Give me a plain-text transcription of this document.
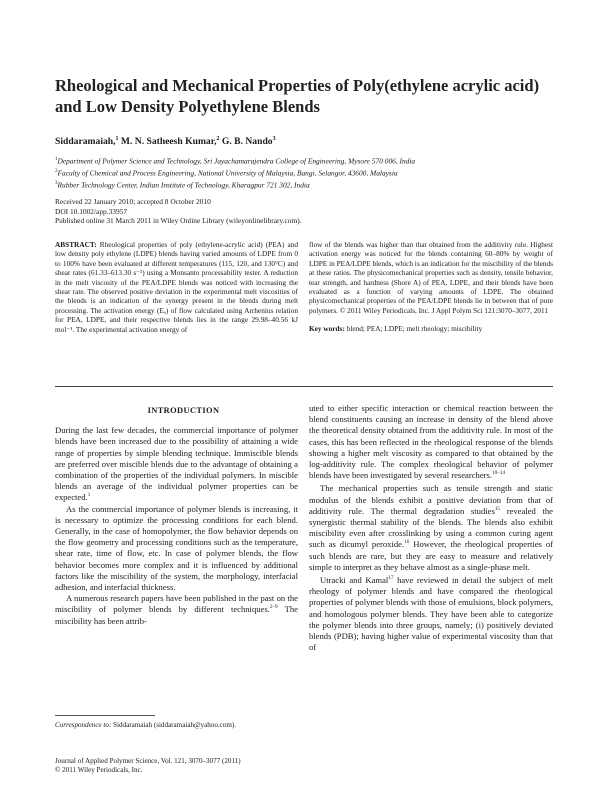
Rheological and Mechanical Properties of Poly(ethylene acrylic acid) and Low Density Polyethylene Blends
Siddaramaiah,$^1$ M. N. Satheesh Kumar,$^2$ G. B. Nando$^3$
$^1$Department of Polymer Science and Technology, Sri Jayachamarajendra College of Engineering, Mysore 570 006, India
$^2$Faculty of Chemical and Process Engineering, National University of Malaysia, Bangi, Selangor, 43600, Malaysia
$^3$Rubber Technology Center, Indian Institute of Technology, Kharagpur 721 302, India
Received 22 January 2010; accepted 8 October 2010
DOI 10.1002/app.33957
Published online 31 March 2011 in Wiley Online Library (wileyonlinelibrary.com).
ABSTRACT: Rheological properties of poly (ethylene-acrylic acid) (PEA) and low density poly ethylene (LDPE) blends having varied amounts of LDPE from 0 to 100% have been evaluated at different temperatures (115, 120, and 130°C) and shear rates (61.33–613.30 s⁻¹) using a Monsanto processability tester. A reduction in the melt viscosity of the PEA/LDPE blends was noticed with increasing the shear rate. The observed positive deviation in the experimental melt viscosities of the blends is an indication of the synergy present in the blends during melt processing. The activation energy (Eₐ) of flow calculated using Arrhenius relation for PEA, LDPE, and their respective blends lies in the range 29.98–40.56 kJ mol⁻¹. The experimental activation energy of
flow of the blends was higher than that obtained from the additivity rule. Highest activation energy was noticed for the blends containing 60–80% by weight of LDPE in PEA/LDPE blends, which is an indication for the miscibility of the blends at these ratios. The physicomechanical properties such as density, tensile behavior, tear strength, and hardness (Shore A) of PEA, LDPE, and their blends have been evaluated as a function of varying amounts of LDPE. The obtained physicomechanical properties of the PEA/LDPE blends lie in between that of pure polymers. © 2011 Wiley Periodicals, Inc. J Appl Polym Sci 121:3070–3077, 2011
Key words: blend; PEA; LDPE; melt rheology; miscibility
INTRODUCTION

During the last few decades, the commercial importance of polymer blends have been increased due to the possibility of attaining a wide range of properties by simple blending technique. Immiscible blends are preferred over miscible blends due to the advantage of obtaining a combination of the properties of the individual polymers. In miscible blends an average of the individual polymer properties can be expected.$^1$

As the commercial importance of polymer blends is increasing, it is necessary to optimize the processing conditions for each blend. Generally, in the case of homopolymer, the flow behavior depends on the flow geometry and processing conditions such as the temperature, shear rate, time of flow, etc. In case of polymer blends, the flow behavior becomes more complex and it is influenced by additional factors like the miscibility of the system, the morphology, interfacial adhesion, and interfacial thickness.

A numerous research papers have been published in the past on the miscibility of polymer blends by different techniques.$^{2-9}$ The miscibility has been attrib-

uted to either specific interaction or chemical reaction between the blend constituents causing an increase in density of the blend above the theoretical density obtained from the additivity rule. In most of the cases, this has been reflected in the rheological response of the blends showing a higher melt viscosity as compared to that obtained by the log-additivity rule. The complex rheological behavior of polymer blends have been investigated by several researchers.$^{10-14}$

The mechanical properties such as tensile strength and static modulus of the blends exhibit a positive deviation from that of additivity rule. The thermal degradation studies$^{15}$ revealed the synergistic thermal stability of the blends. The blends also exhibit miscibility even after crosslinking by using a common curing agent such as dicumyl peroxide.$^{16}$ However, the rheological properties of such blends are rare, but they are easy to measure and relatively simple to interpret as they behave almost as a single-phase melt.

Utracki and Kamal$^{17}$ have reviewed in detail the subject of melt rheology of polymer blends and have compared the rheological properties of polymer blends with those of emulsions, block polymers, and homologous polymer blends. They have been able to categorize the polymer blends into three groups, namely; (i) positively deviated blends (PDB); having higher value of experimental viscosity than that of

Correspondence to: Siddaramaiah (siddaramaiah@yahoo.com).
Journal of Applied Polymer Science, Vol. 121, 3070–3077 (2011)
© 2011 Wiley Periodicals, Inc.
